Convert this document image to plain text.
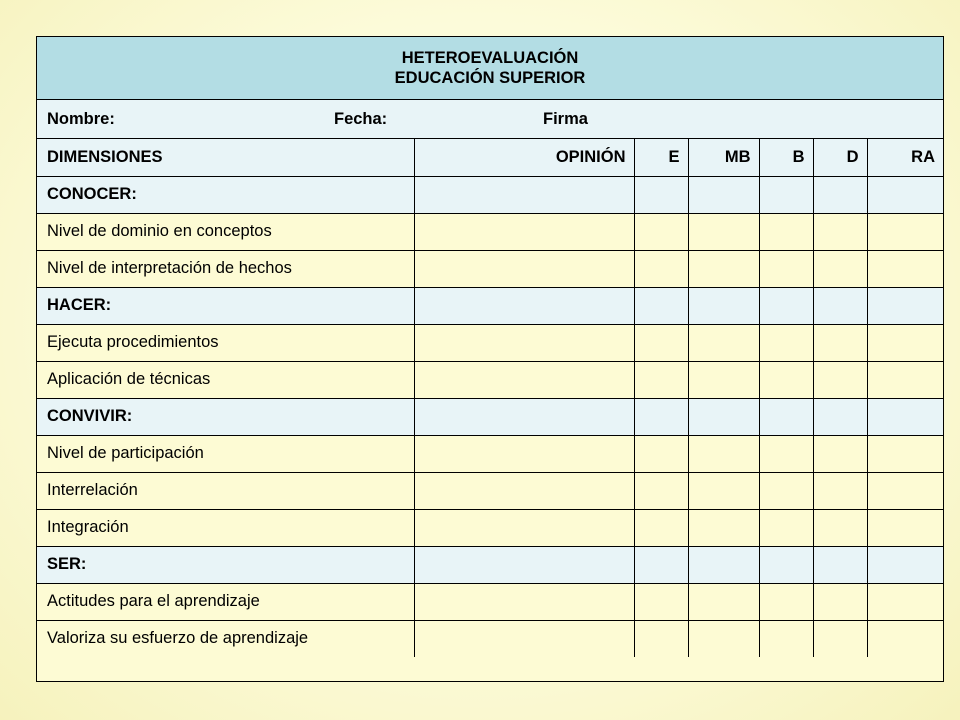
HETEROEVALUACIÓN
EDUCACIÓN SUPERIOR
Nombre:	Fecha:	Firma
DIMENSIONES	OPINIÓN	E	MB	B	D	RA
CONOCER:						
Nivel de dominio en conceptos						
Nivel de interpretación de hechos						
HACER:						
Ejecuta procedimientos						
Aplicación de técnicas						
CONVIVIR:						
Nivel de participación						
Interrelación						
Integración						
SER:						
Actitudes para el aprendizaje						
Valoriza su esfuerzo de aprendizaje						
